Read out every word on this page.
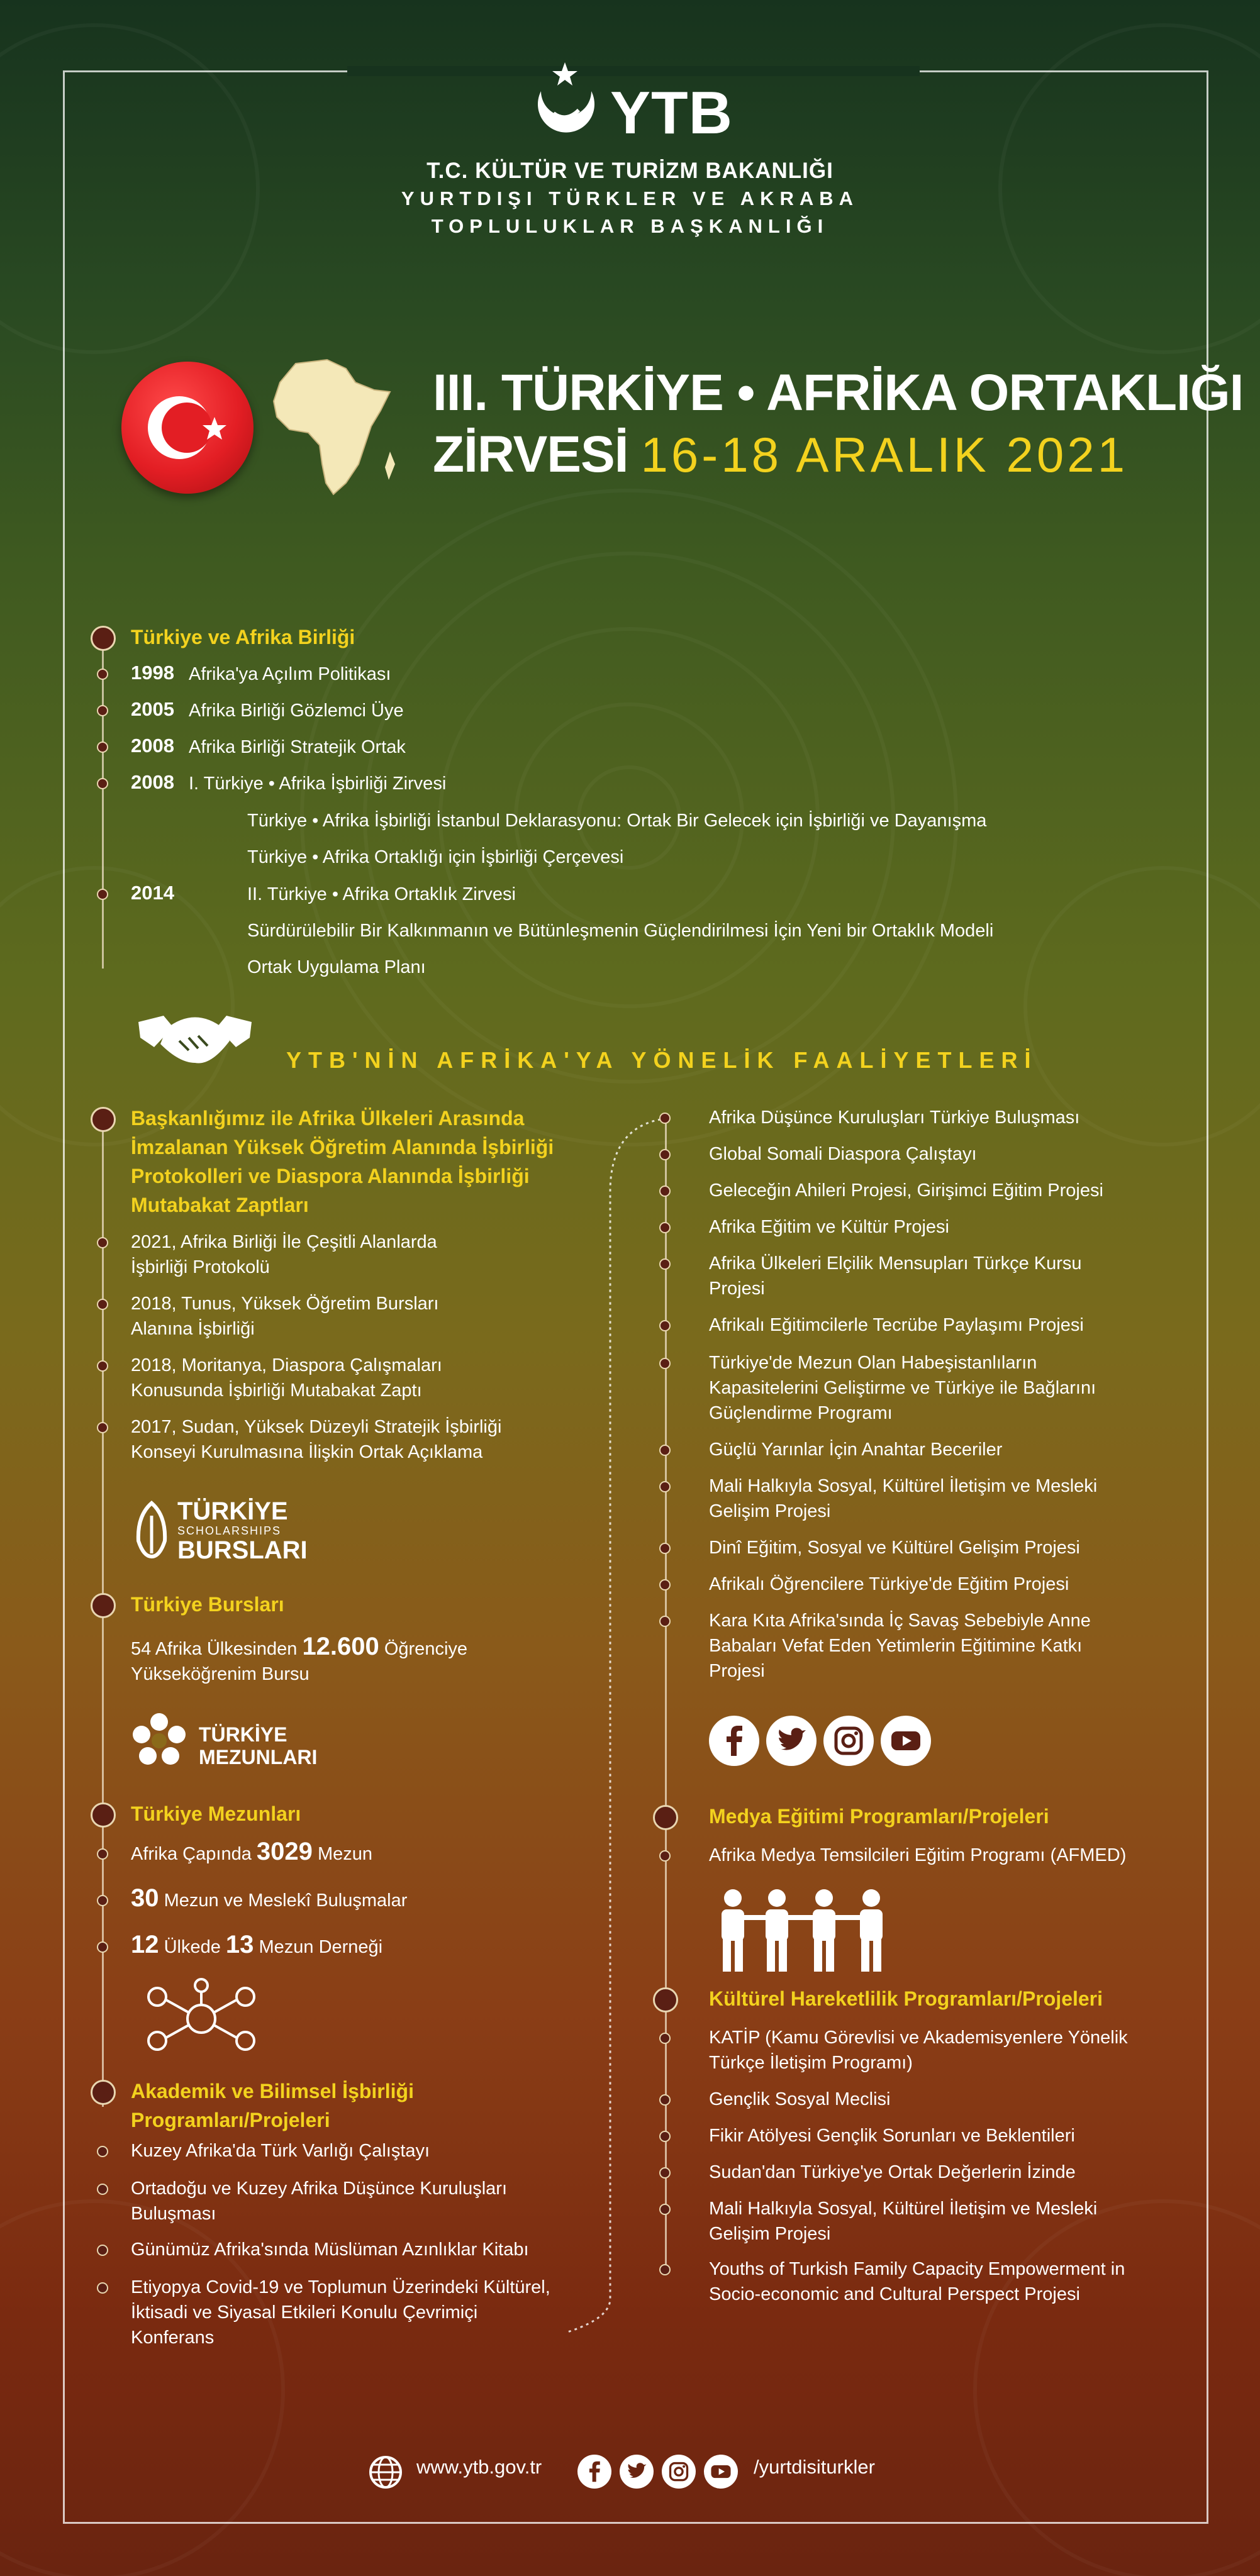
YTB
T.C. KÜLTÜR VE TURİZM BAKANLIĞI
YURTDIŞI TÜRKLER VE AKRABA
TOPLULUKLAR BAŞKANLIĞI
III. TÜRKİYE • AFRİKA ORTAKLIĞI
ZİRVESİ 16-18 ARALIK 2021
Türkiye ve Afrika Birliği
1998 Afrika'ya Açılım Politikası
2005 Afrika Birliği Gözlemci Üye
2008 Afrika Birliği Stratejik Ortak
2008 I. Türkiye • Afrika İşbirliği Zirvesi
Türkiye • Afrika İşbirliği İstanbul Deklarasyonu: Ortak Bir Gelecek için İşbirliği ve Dayanışma
Türkiye • Afrika Ortaklığı için İşbirliği Çerçevesi
2014	II. Türkiye • Afrika Ortaklık Zirvesi
Sürdürülebilir Bir Kalkınmanın ve Bütünleşmenin Güçlendirilmesi İçin Yeni bir Ortaklık Modeli
Ortak Uygulama Planı
YTB'NİN AFRİKA'YA YÖNELİK FAALİYETLERİ
Başkanlığımız ile Afrika Ülkeleri Arasında
İmzalanan Yüksek Öğretim Alanında İşbirliği
Protokolleri ve Diaspora Alanında İşbirliği
Mutabakat Zaptları
2021, Afrika Birliği İle Çeşitli Alanlarda
İşbirliği Protokolü
2018, Tunus, Yüksek Öğretim Bursları
Alanına İşbirliği
2018, Moritanya, Diaspora Çalışmaları
Konusunda İşbirliği Mutabakat Zaptı
2017, Sudan, Yüksek Düzeyli Stratejik İşbirliği
Konseyi Kurulmasına İlişkin Ortak Açıklama
TÜRKİYE
SCHOLARSHIPS
BURSLARI
Türkiye Bursları
54 Afrika Ülkesinden 12.600 Öğrenciye
Yükseköğrenim Bursu
TÜRKİYE
MEZUNLARI
Türkiye Mezunları
Afrika Çapında 3029 Mezun
30 Mezun ve Meslekî Buluşmalar
12 Ülkede 13 Mezun Derneği
Akademik ve Bilimsel İşbirliği
Programları/Projeleri
Kuzey Afrika'da Türk Varlığı Çalıştayı
Ortadoğu ve Kuzey Afrika Düşünce Kuruluşları
Buluşması
Günümüz Afrika'sında Müslüman Azınlıklar Kitabı
Etiyopya Covid-19 ve Toplumun Üzerindeki Kültürel,
İktisadi ve Siyasal Etkileri Konulu Çevrimiçi
Konferans
Afrika Düşünce Kuruluşları Türkiye Buluşması
Global Somali Diaspora Çalıştayı
Geleceğin Ahileri Projesi, Girişimci Eğitim Projesi
Afrika Eğitim ve Kültür Projesi
Afrika Ülkeleri Elçilik Mensupları Türkçe Kursu
Projesi
Afrikalı Eğitimcilerle Tecrübe Paylaşımı Projesi
Türkiye'de Mezun Olan Habeşistanlıların
Kapasitelerini Geliştirme ve Türkiye ile Bağlarını
Güçlendirme Programı
Güçlü Yarınlar İçin Anahtar Beceriler
Mali Halkıyla Sosyal, Kültürel İletişim ve Mesleki
Gelişim Projesi
Dinî Eğitim, Sosyal ve Kültürel Gelişim Projesi
Afrikalı Öğrencilere Türkiye'de Eğitim Projesi
Kara Kıta Afrika'sında İç Savaş Sebebiyle Anne
Babaları Vefat Eden Yetimlerin Eğitimine Katkı
Projesi
Medya Eğitimi Programları/Projeleri
Afrika Medya Temsilcileri Eğitim Programı (AFMED)
Kültürel Hareketlilik Programları/Projeleri
KATİP (Kamu Görevlisi ve Akademisyenlere Yönelik
Türkçe İletişim Programı)
Gençlik Sosyal Meclisi
Fikir Atölyesi Gençlik Sorunları ve Beklentileri
Sudan'dan Türkiye'ye Ortak Değerlerin İzinde
Mali Halkıyla Sosyal, Kültürel İletişim ve Mesleki
Gelişim Projesi
Youths of Turkish Family Capacity Empowerment in
Socio-economic and Cultural Perspect Projesi
www.ytb.gov.tr	/yurtdisiturkler
